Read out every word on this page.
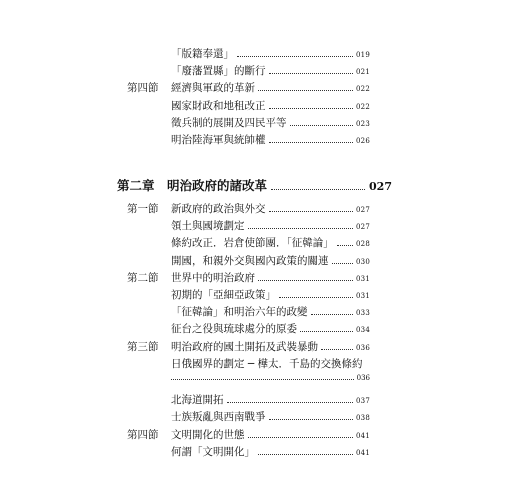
「版籍奉還」	019
「廢藩置縣」的斷行	021
第四節 經濟與軍政的革新	022
國家財政和地租改正	022
徵兵制的展開及四民平等	023
明治陸海軍與統帥權	026
第二章　明治政府的諸改革	027
第一節 新政府的政治與外交	027
領土與國境劃定	027
條約改正．岩倉使節團．「征韓論」	028
開國，和親外交與國內政策的關連	030
第二節 世界中的明治政府	031
初期的「亞細亞政策」	031
「征韓論」和明治六年的政變	033
征台之役與琉球處分的原委	034
第三節 明治政府的國土開拓及武裝暴動	036
日俄國界的劃定 ─ 樺太．千島的交換條約
036
北海道開拓	037
士族叛亂與西南戰爭	038
第四節 文明開化的世態	041
何謂「文明開化」	041
